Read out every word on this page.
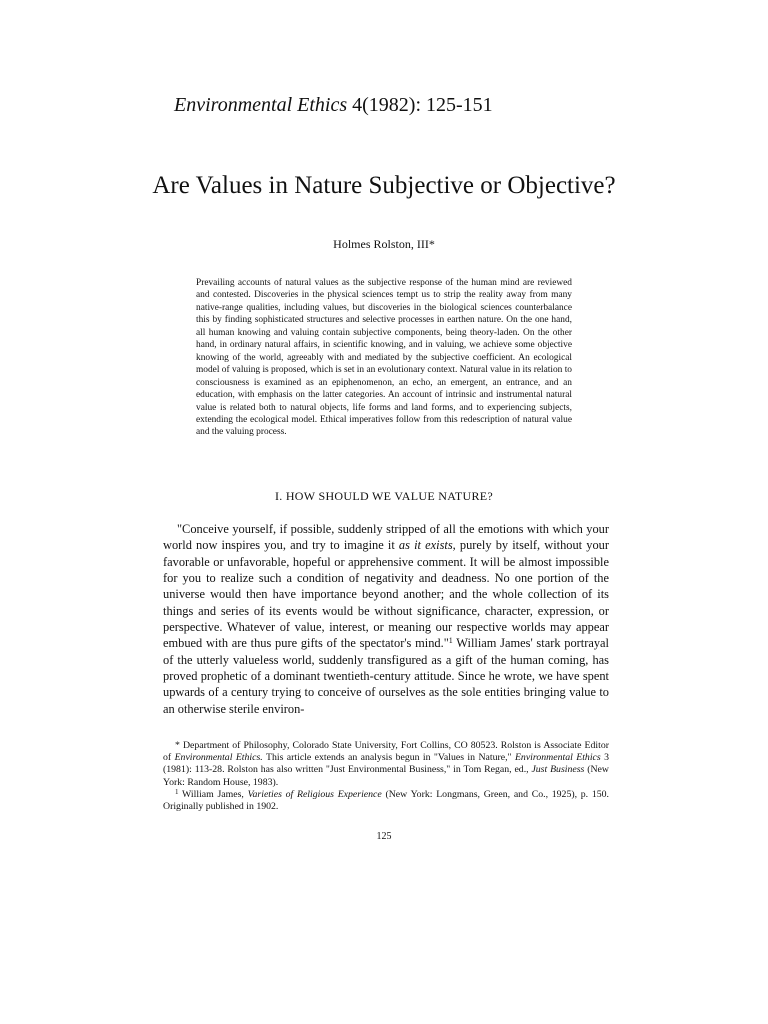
Environmental Ethics 4(1982): 125-151
Are Values in Nature Subjective or Objective?
Holmes Rolston, III*
Prevailing accounts of natural values as the subjective response of the human mind are reviewed and contested. Discoveries in the physical sciences tempt us to strip the reality away from many native-range qualities, including values, but discoveries in the biological sciences counterbalance this by finding sophisticated structures and selective processes in earthen nature. On the one hand, all human knowing and valuing contain subjective components, being theory-laden. On the other hand, in ordinary natural affairs, in scientific knowing, and in valuing, we achieve some objective knowing of the world, agreeably with and mediated by the subjective coefficient. An ecological model of valuing is proposed, which is set in an evolutionary context. Natural value in its relation to consciousness is examined as an epiphenomenon, an echo, an emergent, an entrance, and an education, with emphasis on the latter categories. An account of intrinsic and instrumental natural value is related both to natural objects, life forms and land forms, and to experiencing subjects, extending the ecological model. Ethical imperatives follow from this redescription of natural value and the valuing process.
I. HOW SHOULD WE VALUE NATURE?
"Conceive yourself, if possible, suddenly stripped of all the emotions with which your world now inspires you, and try to imagine it as it exists, purely by itself, without your favorable or unfavorable, hopeful or apprehensive comment. It will be almost impossible for you to realize such a condition of negativity and deadness. No one portion of the universe would then have importance beyond another; and the whole collection of its things and series of its events would be without significance, character, expression, or perspective. Whatever of value, interest, or meaning our respective worlds may appear embued with are thus pure gifts of the spectator's mind."$^1$ William James' stark portrayal of the utterly valueless world, suddenly transfigured as a gift of the human coming, has proved prophetic of a dominant twentieth-century attitude. Since he wrote, we have spent upwards of a century trying to conceive of ourselves as the sole entities bringing value to an otherwise sterile environ-

* Department of Philosophy, Colorado State University, Fort Collins, CO 80523. Rolston is Associate Editor of Environmental Ethics. This article extends an analysis begun in "Values in Nature," Environmental Ethics 3 (1981): 113-28. Rolston has also written "Just Environmental Business," in Tom Regan, ed., Just Business (New York: Random House, 1983).

$^1$ William James, Varieties of Religious Experience (New York: Longmans, Green, and Co., 1925), p. 150. Originally published in 1902.

125
